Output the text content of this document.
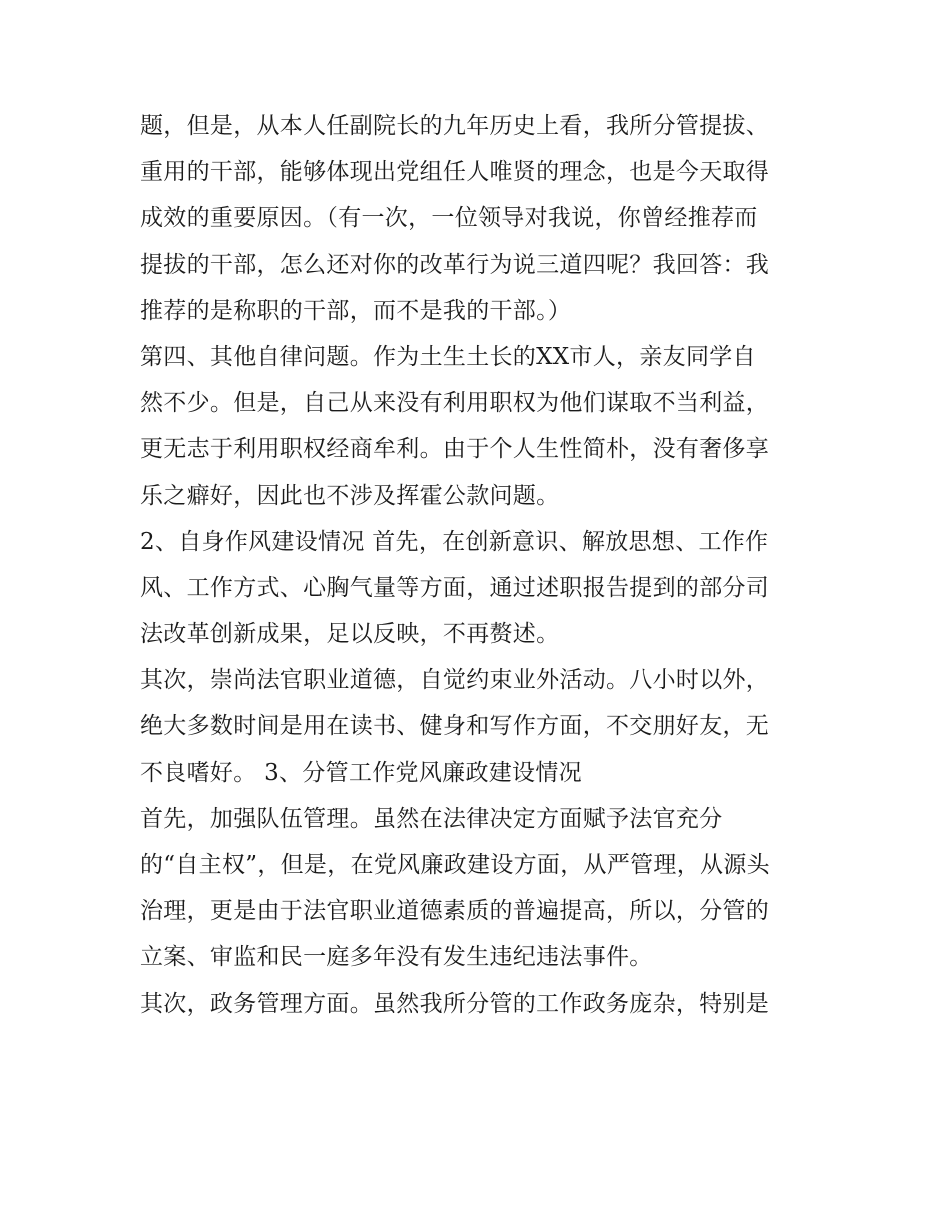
题，但是，从本人任副院长的九年历史上看，我所分管提拔、
重用的干部，能够体现出党组任人唯贤的理念，也是今天取得
成效的重要原因。（有一次，一位领导对我说，你曾经推荐而
提拔的干部，怎么还对你的改革行为说三道四呢？我回答：我
推荐的是称职的干部，而不是我的干部。）
第四、其他自律问题。作为土生土长的XX市人，亲友同学自
然不少。但是，自己从来没有利用职权为他们谋取不当利益，
更无志于利用职权经商牟利。由于个人生性简朴，没有奢侈享
乐之癖好，因此也不涉及挥霍公款问题。
2、自身作风建设情况 首先，在创新意识、解放思想、工作作
风、工作方式、心胸气量等方面，通过述职报告提到的部分司
法改革创新成果，足以反映，不再赘述。
其次，崇尚法官职业道德，自觉约束业外活动。八小时以外，
绝大多数时间是用在读书、健身和写作方面，不交朋好友，无
不良嗜好。 3、分管工作党风廉政建设情况
首先，加强队伍管理。虽然在法律决定方面赋予法官充分
的“自主权”，但是，在党风廉政建设方面，从严管理，从源头
治理，更是由于法官职业道德素质的普遍提高，所以，分管的
立案、审监和民一庭多年没有发生违纪违法事件。
其次，政务管理方面。虽然我所分管的工作政务庞杂，特别是
